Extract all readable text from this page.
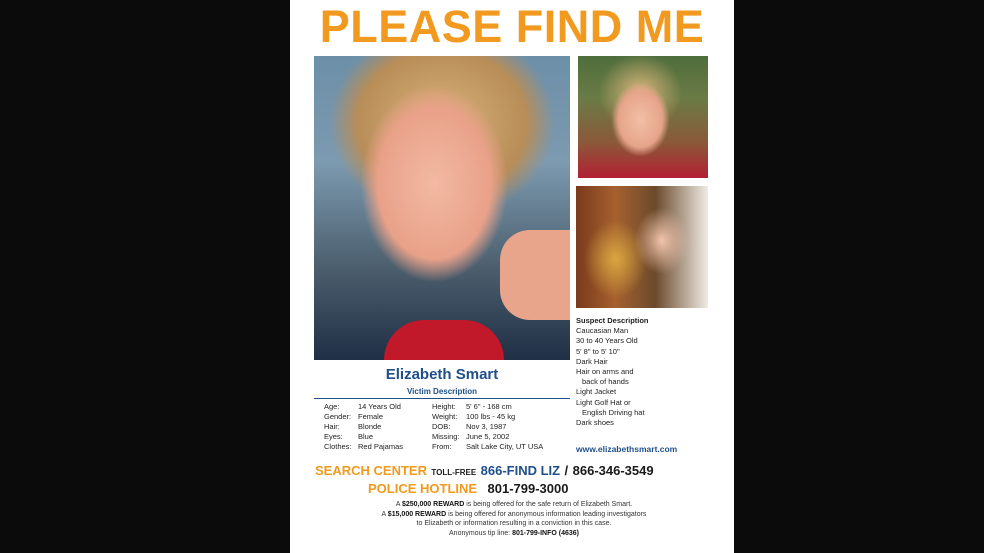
PLEASE FIND ME
Elizabeth Smart
Victim Description
Age: 14 Years Old
Gender: Female
Hair: Blonde
Eyes: Blue
Clothes: Red Pajamas
Height: 5' 6" - 168 cm
Weight: 100 lbs - 45 kg
DOB: Nov 3, 1987
Missing: June 5, 2002
From: Salt Lake City, UT USA
Suspect Description
Caucasian Man
30 to 40 Years Old
5' 8" to 5' 10"
Dark Hair
Hair on arms and
back of hands
Light Jacket
Light Golf Hat or
English Driving hat
Dark shoes
www.elizabethsmart.com
SEARCH CENTER TOLL-FREE 866-FIND LIZ / 866-346-3549
POLICE HOTLINE 801-799-3000
A $250,000 REWARD is being offered for the safe return of Elizabeth Smart.
A $15,000 REWARD is being offered for anonymous information leading investigators
to Elizabeth or information resulting in a conviction in this case.
Anonymous tip line: 801-799-INFO (4636)
